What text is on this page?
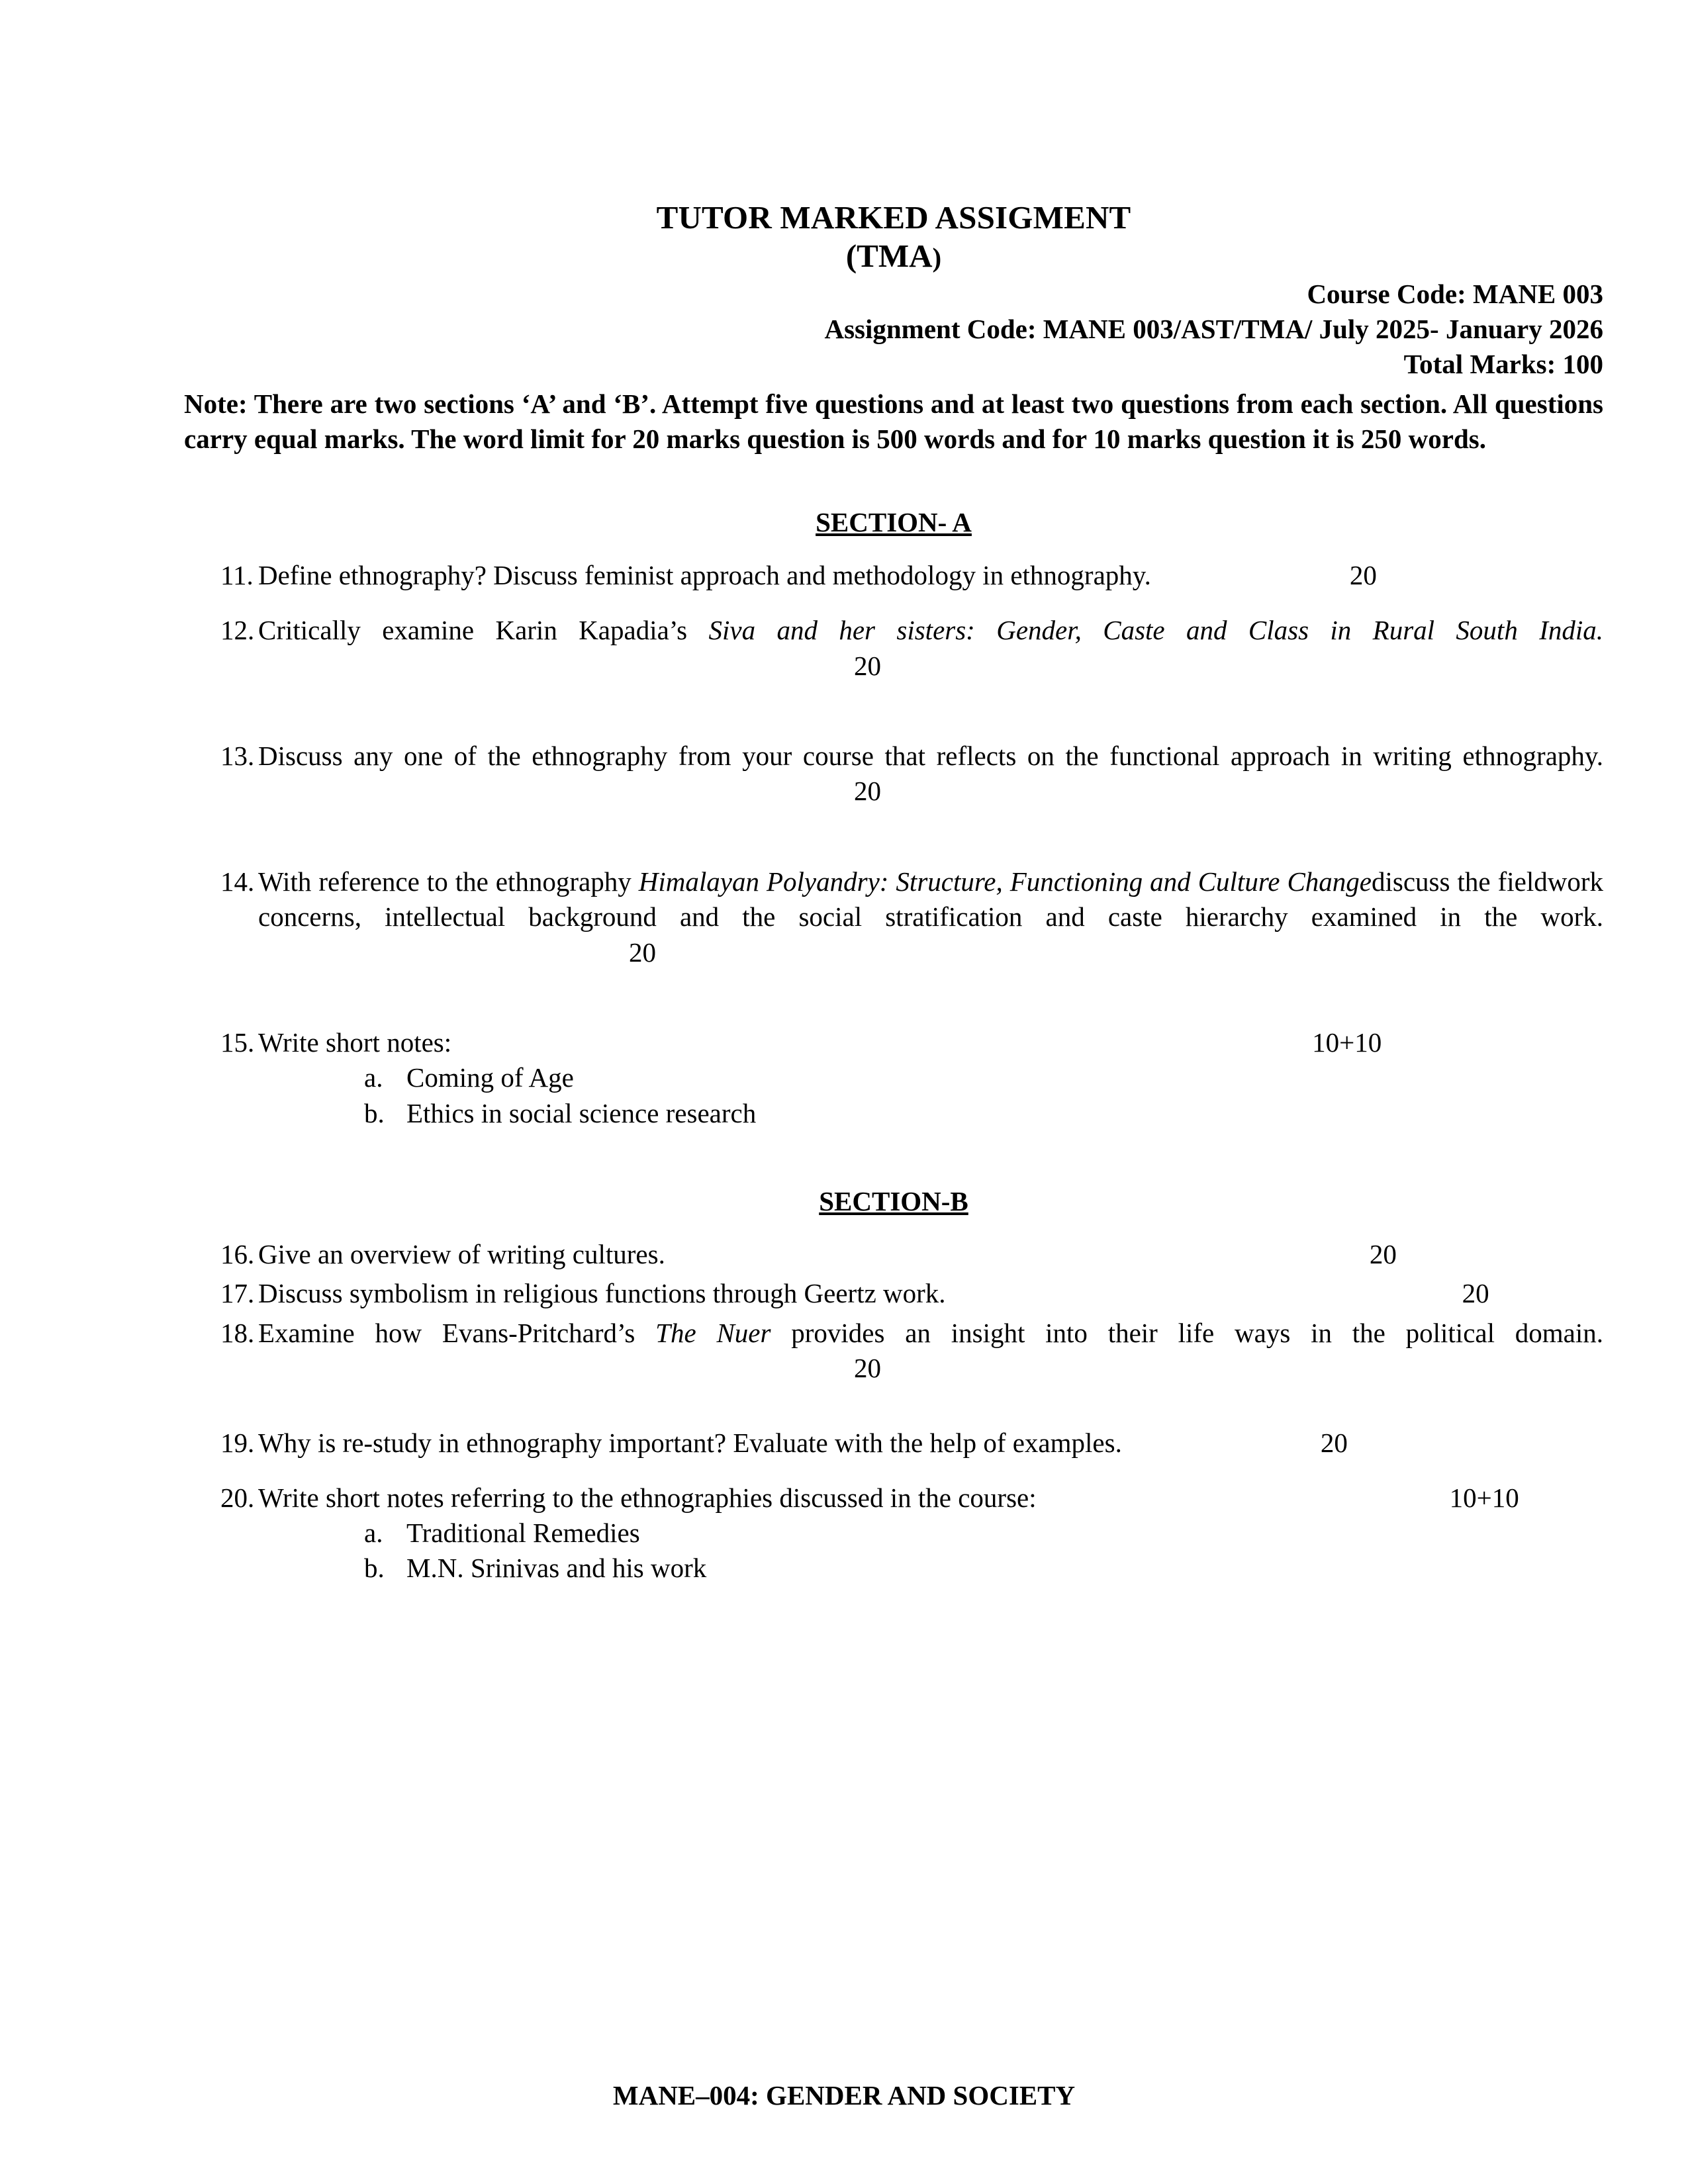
TUTOR MARKED ASSIGMENT
(TMA)
Course Code: MANE 003
Assignment Code: MANE 003/AST/TMA/ July 2025- January 2026
Total Marks: 100
Note: There are two sections ‘A’ and ‘B’. Attempt five questions and at least two questions from each section. All questions carry equal marks. The word limit for 20 marks question is 500 words and for 10 marks question it is 250 words.
SECTION- A
11. Define ethnography? Discuss feminist approach and methodology in ethnography.	20
12. Critically examine Karin Kapadia’s Siva and her sisters: Gender, Caste and Class in Rural South India.20
13. Discuss any one of the ethnography from your course that reflects on the functional approach in writing ethnography.20
14. With reference to the ethnography Himalayan Polyandry: Structure, Functioning and Culture Changediscuss the fieldwork concerns, intellectual background and the social stratification and caste hierarchy examined in the work.20
15. Write short notes:	10+10
a. Coming of Age
b. Ethics in social science research
SECTION-B
16. Give an overview of writing cultures.	20
17. Discuss symbolism in religious functions through Geertz work.	20
18. Examine how Evans-Pritchard’s The Nuer provides an insight into their life ways in the political domain.20
19. Why is re-study in ethnography important? Evaluate with the help of examples.	20
20. Write short notes referring to the ethnographies discussed in the course:	10+10
a. Traditional Remedies
b. M.N. Srinivas and his work
MANE–004: GENDER AND SOCIETY
